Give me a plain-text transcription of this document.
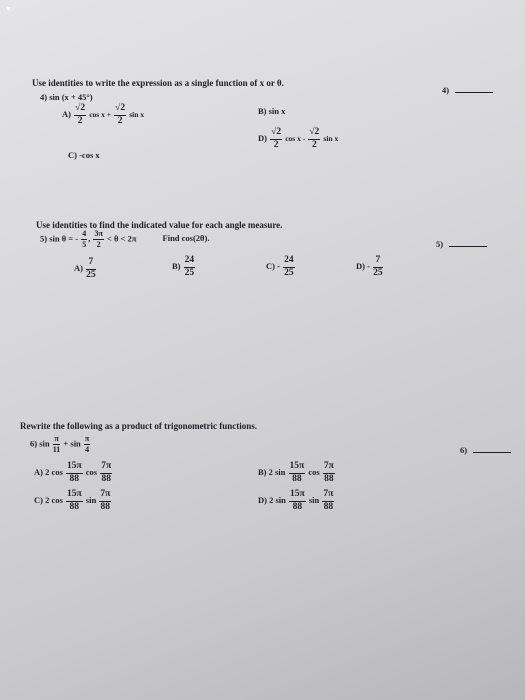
Use identities to write the expression as a single function of x or θ.
4) sin (x + 45°)
4)
$A) \frac{√2}{2}$ $\cos x + \frac{√2}{2}$ sin x	B) sin x
C) -cos x
$D) \frac{√2}{2}$ cos x - $\frac{√2}{2}$ sin x
Use identities to find the indicated value for each angle measure.
5) sin θ = - $\frac{4}{5}$ , $\frac{3\pi}{2} < \theta < 2\pi$	Find cos(2θ).
5)
$A) \frac{7}{25}$	$B) \frac{24}{25}$	$C) - \frac{24}{25}$	$D) - \frac{7}{25}$
Rewrite the following as a product of trigonometric functions.
6) $\sin \frac{\pi}{11} + \sin \frac{\pi}{4}$	6)
A) 2 $\cos \frac{15\pi}{88}$ $\cos \frac{7\pi}{88}$	B) 2 $\sin \frac{15\pi}{88}$ $\cos \frac{7\pi}{88}$
C) 2 $\cos \frac{15\pi}{88}$ $\sin \frac{7\pi}{88}$	D) 2 $\sin \frac{15\pi}{88}$ $\sin \frac{7\pi}{88}$
